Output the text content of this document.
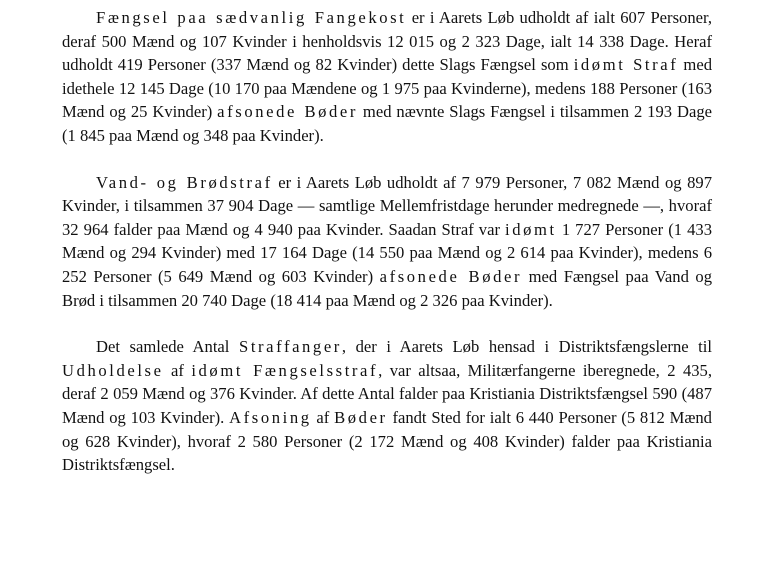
Fængsel paa sædvanlig Fangekost er i Aarets Løb udholdt af ialt 607 Personer, deraf 500 Mænd og 107 Kvinder i henholdsvis 12 015 og 2 323 Dage, ialt 14 338 Dage. Heraf udholdt 419 Personer (337 Mænd og 82 Kvinder) dette Slags Fængsel som idømt Straf med idethele 12 145 Dage (10 170 paa Mændene og 1 975 paa Kvinderne), medens 188 Personer (163 Mænd og 25 Kvinder) afsonede Bøder med nævnte Slags Fængsel i tilsammen 2 193 Dage (1 845 paa Mænd og 348 paa Kvinder).

Vand- og Brødstraf er i Aarets Løb udholdt af 7 979 Personer, 7 082 Mænd og 897 Kvinder, i tilsammen 37 904 Dage — samtlige Mellemfristdage herunder medregnede —, hvoraf 32 964 falder paa Mænd og 4 940 paa Kvinder. Saadan Straf var idømt 1 727 Personer (1 433 Mænd og 294 Kvinder) med 17 164 Dage (14 550 paa Mænd og 2 614 paa Kvinder), medens 6 252 Personer (5 649 Mænd og 603 Kvinder) afsonede Bøder med Fængsel paa Vand og Brød i tilsammen 20 740 Dage (18 414 paa Mænd og 2 326 paa Kvinder).

Det samlede Antal Straffanger, der i Aarets Løb hensad i Distriktsfængslerne til Udholdelse af idømt Fængselsstraf, var altsaa, Militærfangerne iberegnede, 2 435, deraf 2 059 Mænd og 376 Kvinder. Af dette Antal falder paa Kristiania Distriktsfængsel 590 (487 Mænd og 103 Kvinder). Afsoning af Bøder fandt Sted for ialt 6 440 Personer (5 812 Mænd og 628 Kvinder), hvoraf 2 580 Personer (2 172 Mænd og 408 Kvinder) falder paa Kristiania Distriktsfængsel.
